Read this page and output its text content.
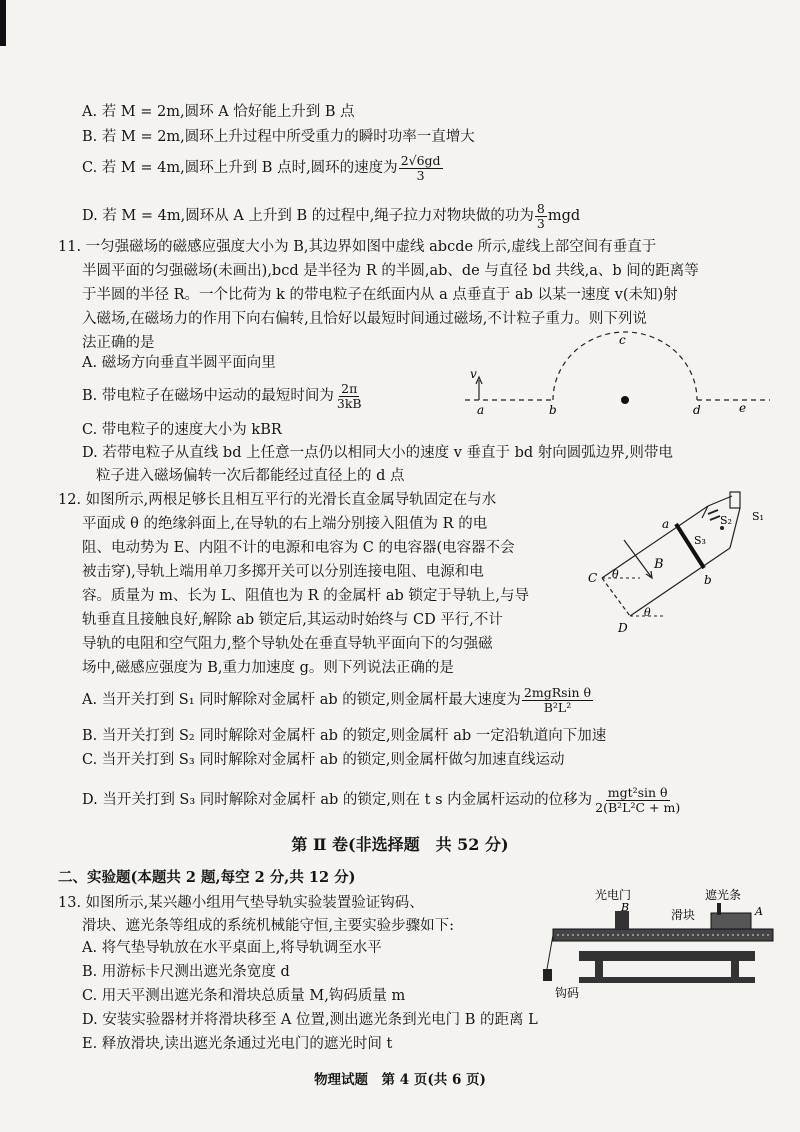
A. 若 M = 2m,圆环 A 恰好能上升到 B 点
B. 若 M = 2m,圆环上升过程中所受重力的瞬时功率一直增大
C. 若 M = 4m,圆环上升到 B 点时,圆环的速度为 $\frac{2√6gd}{3}$
D. 若 M = 4m,圆环从 A 上升到 B 的过程中,绳子拉力对物块做的功为 $\frac{8}{3}$ mgd
11. 一匀强磁场的磁感应强度大小为 B,其边界如图中虚线 abcde 所示,虚线上部空间有垂直于
半圆平面的匀强磁场(未画出),bcd 是半径为 R 的半圆,ab、de 与直径 bd 共线,a、b 间的距离等
于半圆的半径 R。一个比荷为 k 的带电粒子在纸面内从 a 点垂直于 ab 以某一速度 v(未知)射
入磁场,在磁场力的作用下向右偏转,且恰好以最短时间通过磁场,不计粒子重力。则下列说
法正确的是
A. 磁场方向垂直半圆平面向里
B. 带电粒子在磁场中运动的最短时间为 $\frac{2\pi}{3kB}$
C. 带电粒子的速度大小为 kBR
D. 若带电粒子从直线 bd 上任意一点仍以相同大小的速度 v 垂直于 bd 射向圆弧边界,则带电
粒子进入磁场偏转一次后都能经过直径上的 d 点
v
a	b
c
d	e
12. 如图所示,两根足够长且相互平行的光滑长直金属导轨固定在与水
平面成 θ 的绝缘斜面上,在导轨的右上端分别接入阻值为 R 的电
阻、电动势为 E、内阻不计的电源和电容为 C 的电容器(电容器不会
被击穿),导轨上端用单刀多掷开关可以分别连接电阻、电源和电
容。质量为 m、长为 L、阻值也为 R 的金属杆 ab 锁定于导轨上,与导
轨垂直且接触良好,解除 ab 锁定后,其运动时始终与 CD 平行,不计
导轨的电阻和空气阻力,整个导轨处在垂直导轨平面向下的匀强磁
场中,磁感应强度为 B,重力加速度 g。则下列说法正确的是
a
b
C
D
B
θ
θ
S₁
S₂
S₃
A. 当开关打到 S₁ 同时解除对金属杆 ab 的锁定,则金属杆最大速度为 $\frac{\text{2mgRsin θ}}{\text{B²L²}}$
B. 当开关打到 S₂ 同时解除对金属杆 ab 的锁定,则金属杆 ab 一定沿轨道向下加速
C. 当开关打到 S₃ 同时解除对金属杆 ab 的锁定,则金属杆做匀加速直线运动
D. 当开关打到 S₃ 同时解除对金属杆 ab 的锁定,则在 t s 内金属杆运动的位移为 $\frac{\text{mgt²sin θ}}{\text{2(B²L²C + m)}}$
第 Ⅱ 卷(非选择题　共 52 分)
二、实验题(本题共 2 题,每空 2 分,共 12 分)
13. 如图所示,某兴趣小组用气垫导轨实验装置验证钩码、
滑块、遮光条等组成的系统机械能守恒,主要实验步骤如下:
A. 将气垫导轨放在水平桌面上,将导轨调至水平
B. 用游标卡尺测出遮光条宽度 d
C. 用天平测出遮光条和滑块总质量 M,钩码质量 m
D. 安装实验器材并将滑块移至 A 位置,测出遮光条到光电门 B 的距离 L
E. 释放滑块,读出遮光条通过光电门的遮光时间 t
光电门
B
遮光条
滑块	A
钩码
物理试题　第 4 页(共 6 页)
